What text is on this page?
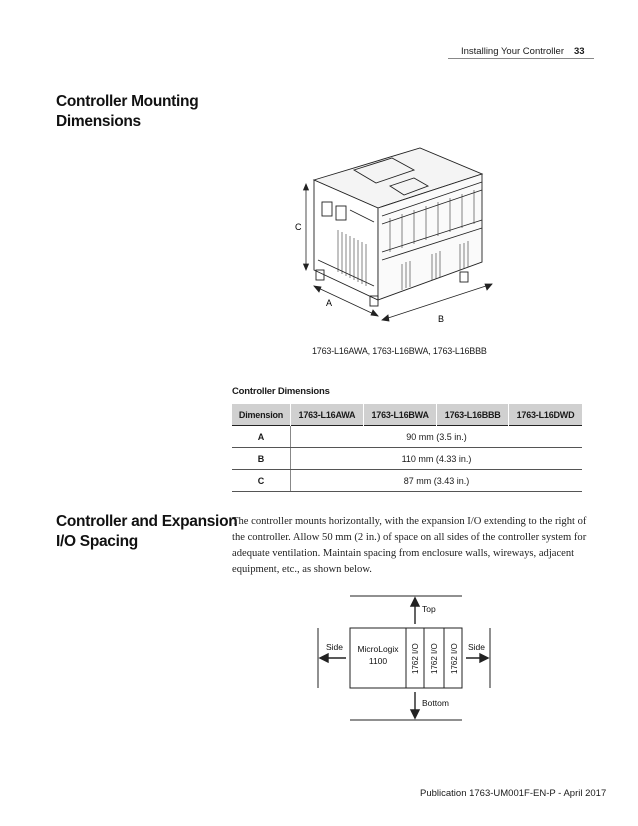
Installing Your Controller 33
Controller Mounting
Dimensions
C
A
B
1763-L16AWA, 1763-L16BWA, 1763-L16BBB
Controller Dimensions
Dimension	1763-L16AWA	1763-L16BWA	1763-L16BBB	1763-L16DWD
A	90 mm (3.5 in.)			
B	110 mm (4.33 in.)			
C	87 mm (3.43 in.)			
Controller and Expansion
I/O Spacing
The controller mounts horizontally, with the expansion I/O extending to the right of the controller. Allow 50 mm (2 in.) of space on all sides of the controller system for adequate ventilation. Maintain spacing from enclosure walls, wireways, adjacent equipment, etc., as shown below.
Top
Bottom
Side	Side
MicroLogix
1100	1762 I/O 1762 I/O 1762 I/O
Publication 1763-UM001F-EN-P - April 2017
